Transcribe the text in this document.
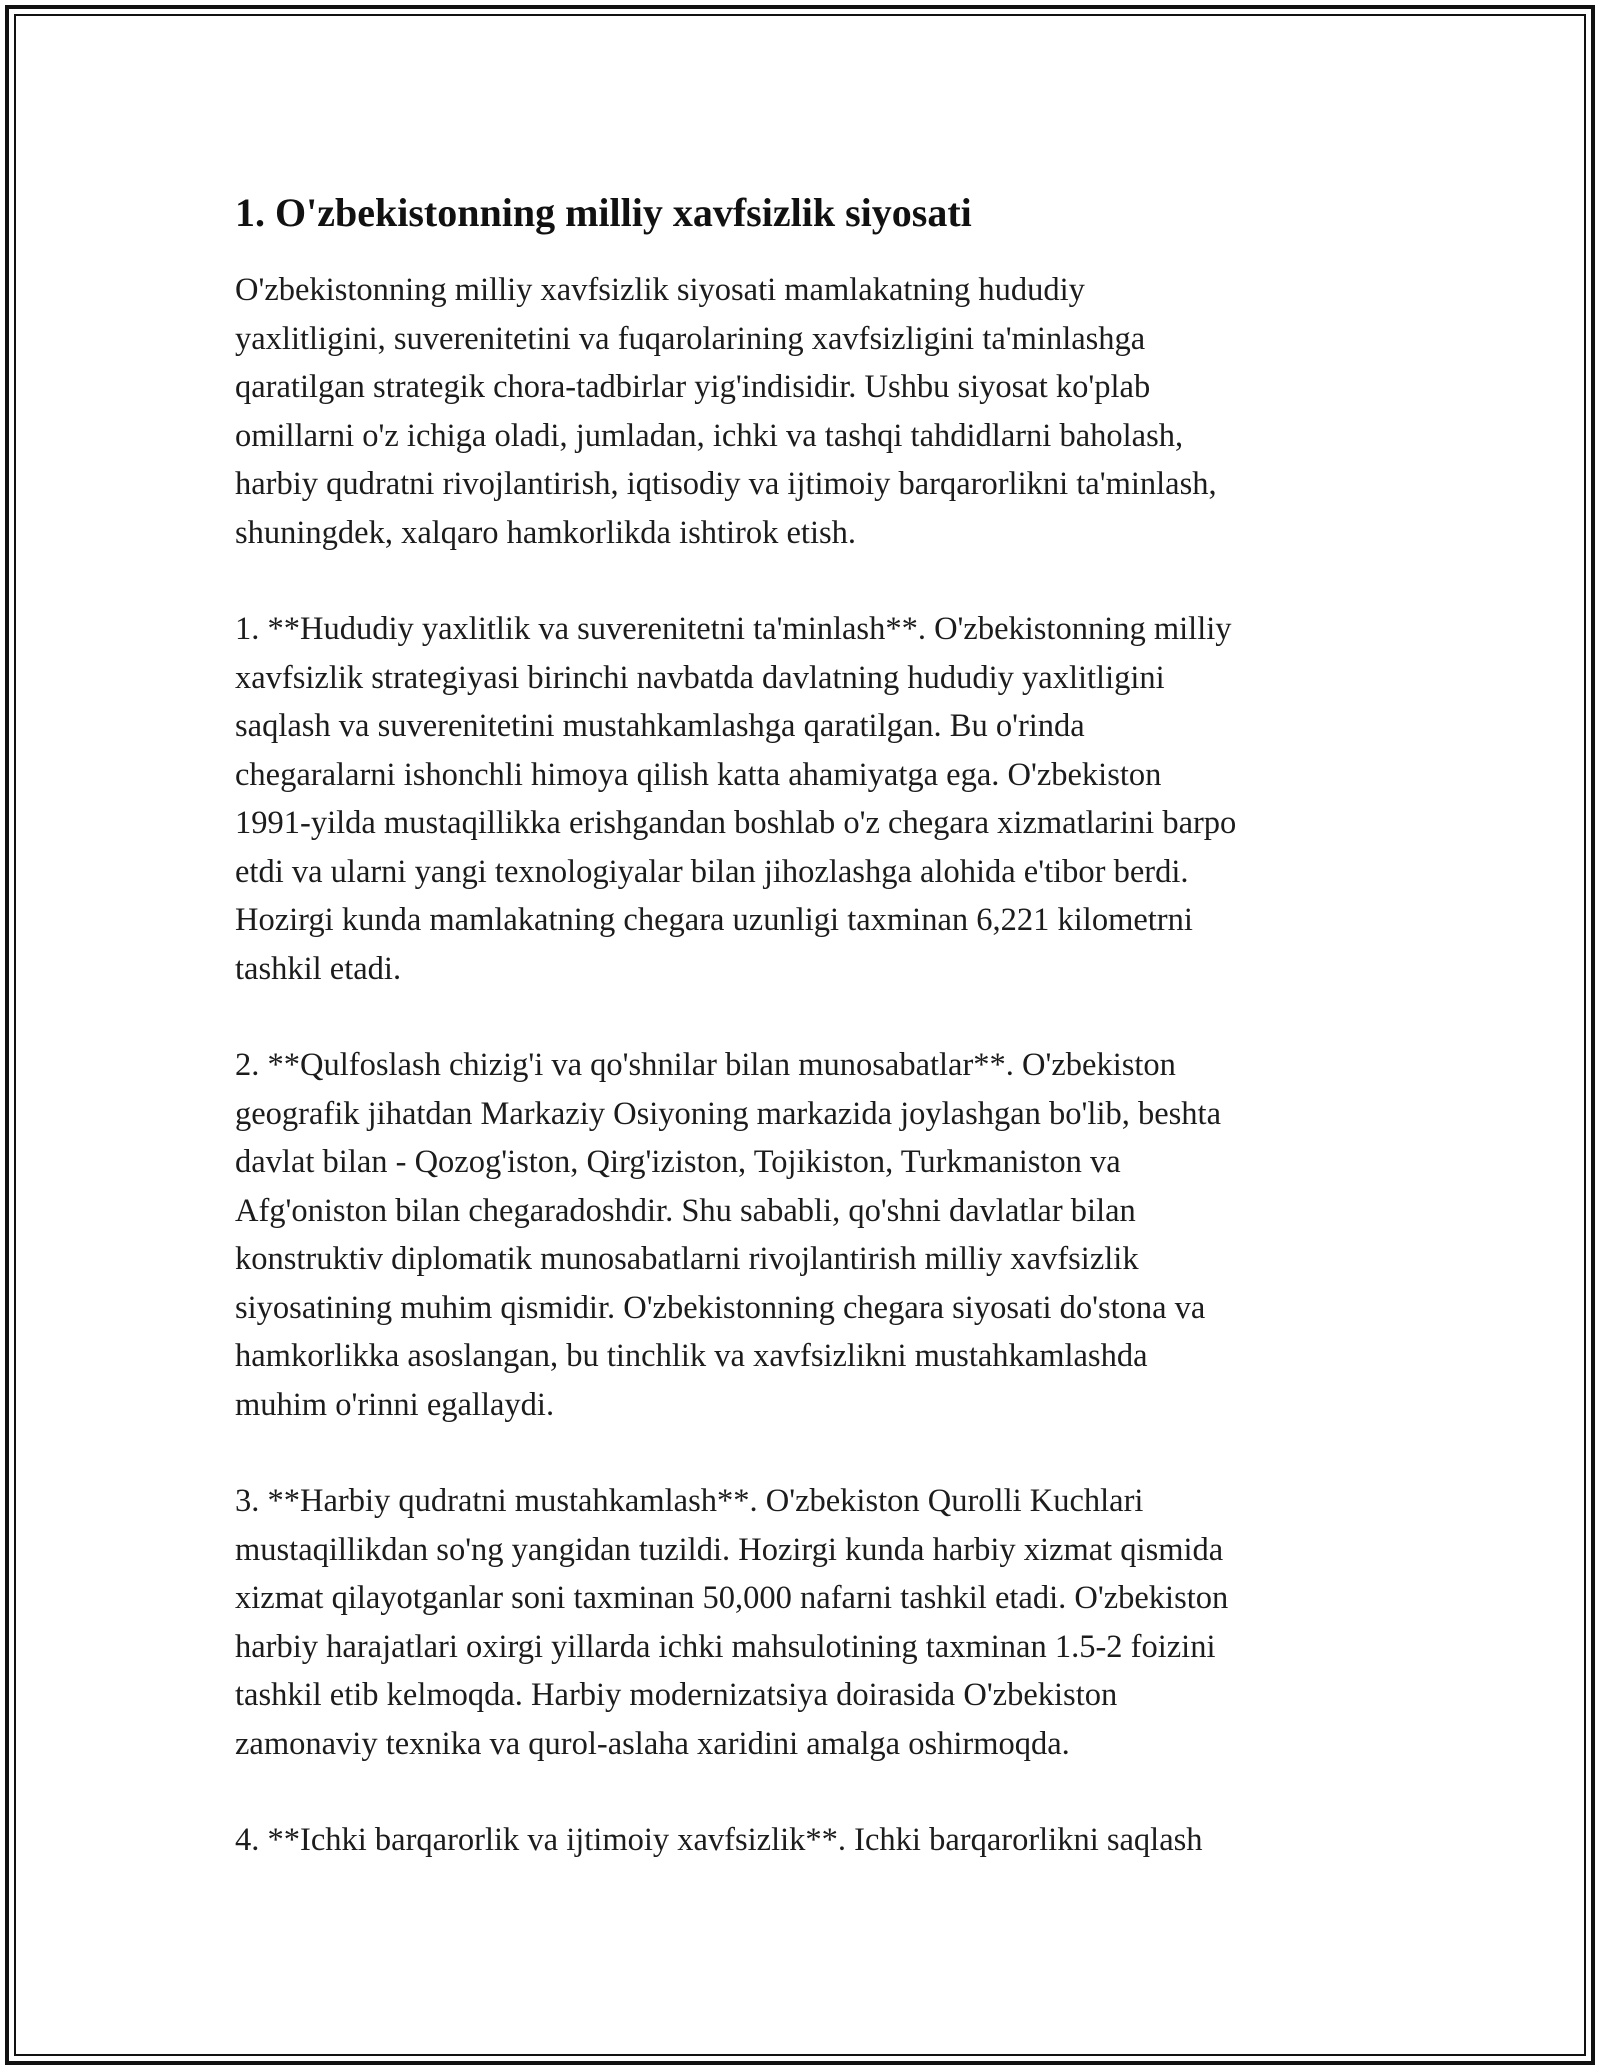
1. O'zbekistonning milliy xavfsizlik siyosati

O'zbekistonning milliy xavfsizlik siyosati mamlakatning hududiy
yaxlitligini, suverenitetini va fuqarolarining xavfsizligini ta'minlashga
qaratilgan strategik chora-tadbirlar yig'indisidir. Ushbu siyosat ko'plab
omillarni o'z ichiga oladi, jumladan, ichki va tashqi tahdidlarni baholash,
harbiy qudratni rivojlantirish, iqtisodiy va ijtimoiy barqarorlikni ta'minlash,
shuningdek, xalqaro hamkorlikda ishtirok etish.

1. **Hududiy yaxlitlik va suverenitetni ta'minlash**. O'zbekistonning milliy
xavfsizlik strategiyasi birinchi navbatda davlatning hududiy yaxlitligini
saqlash va suverenitetini mustahkamlashga qaratilgan. Bu o'rinda
chegaralarni ishonchli himoya qilish katta ahamiyatga ega. O'zbekiston
1991-yilda mustaqillikka erishgandan boshlab o'z chegara xizmatlarini barpo
etdi va ularni yangi texnologiyalar bilan jihozlashga alohida e'tibor berdi.
Hozirgi kunda mamlakatning chegara uzunligi taxminan 6,221 kilometrni
tashkil etadi.

2. **Qulfoslash chizig'i va qo'shnilar bilan munosabatlar**. O'zbekiston
geografik jihatdan Markaziy Osiyoning markazida joylashgan bo'lib, beshta
davlat bilan - Qozog'iston, Qirg'iziston, Tojikiston, Turkmaniston va
Afg'oniston bilan chegaradoshdir. Shu sababli, qo'shni davlatlar bilan
konstruktiv diplomatik munosabatlarni rivojlantirish milliy xavfsizlik
siyosatining muhim qismidir. O'zbekistonning chegara siyosati do'stona va
hamkorlikka asoslangan, bu tinchlik va xavfsizlikni mustahkamlashda
muhim o'rinni egallaydi.

3. **Harbiy qudratni mustahkamlash**. O'zbekiston Qurolli Kuchlari
mustaqillikdan so'ng yangidan tuzildi. Hozirgi kunda harbiy xizmat qismida
xizmat qilayotganlar soni taxminan 50,000 nafarni tashkil etadi. O'zbekiston
harbiy harajatlari oxirgi yillarda ichki mahsulotining taxminan 1.5-2 foizini
tashkil etib kelmoqda. Harbiy modernizatsiya doirasida O'zbekiston
zamonaviy texnika va qurol-aslaha xaridini amalga oshirmoqda.

4. **Ichki barqarorlik va ijtimoiy xavfsizlik**. Ichki barqarorlikni saqlash
